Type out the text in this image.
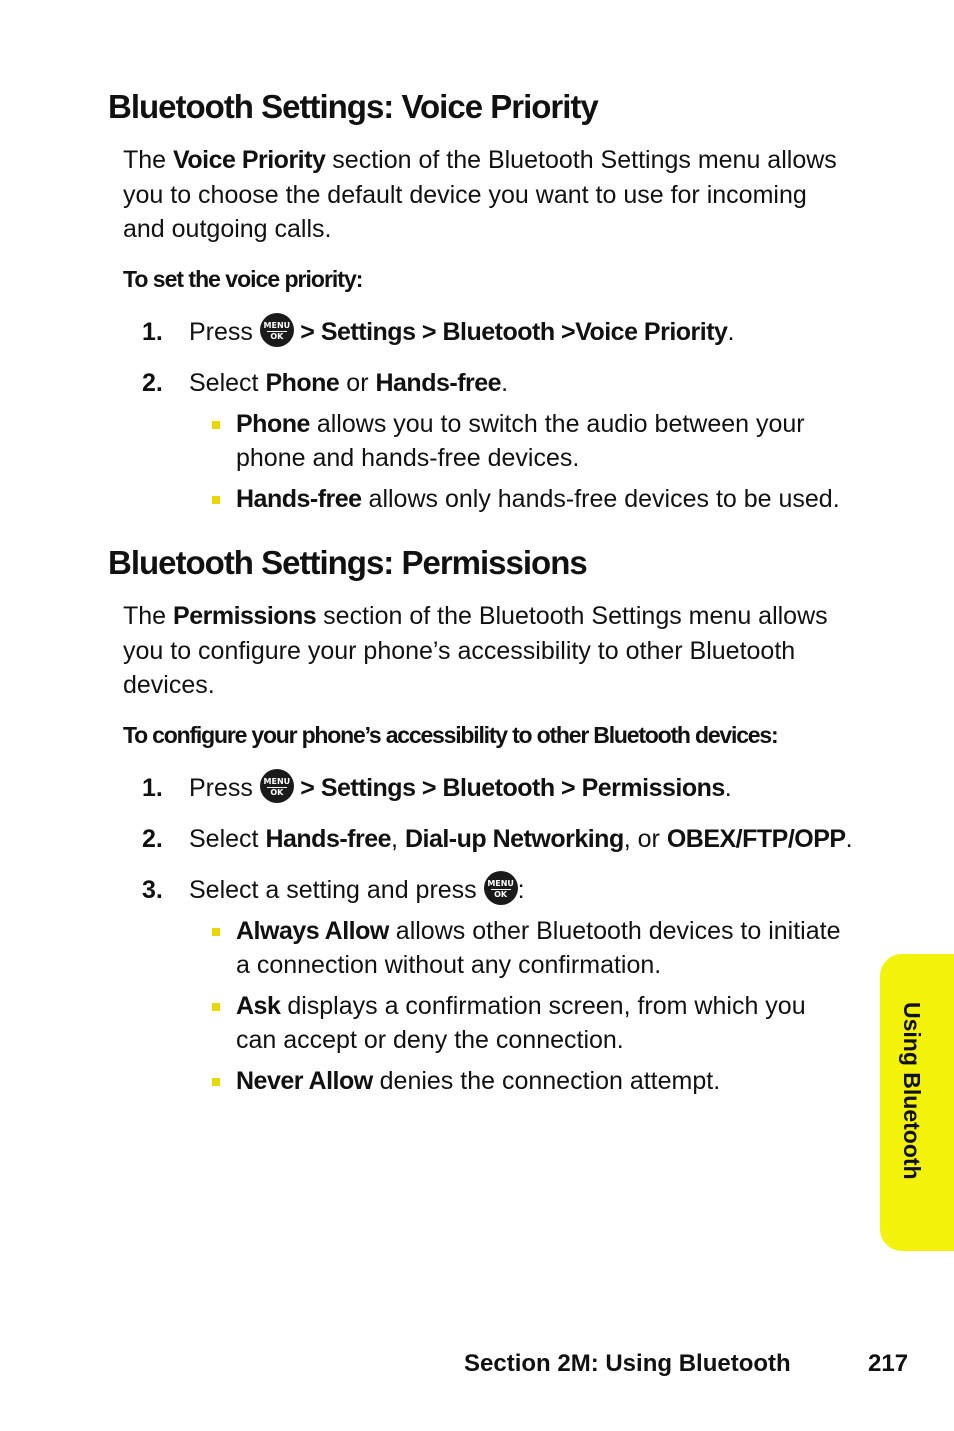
Bluetooth Settings: Voice Priority

The Voice Priority section of the Bluetooth Settings menu allows you to choose the default device you want to use for incoming and outgoing calls.

To set the voice priority:

1. Press MENU
OK > Settings > Bluetooth >Voice Priority.

2. Select Phone or Hands-free.

Phone allows you to switch the audio between your phone and hands-free devices.

Hands-free allows only hands-free devices to be used.

Bluetooth Settings: Permissions

The Permissions section of the Bluetooth Settings menu allows you to configure your phone’s accessibility to other Bluetooth devices.

To configure your phone’s accessibility to other Bluetooth devices:

1. Press MENU
OK > Settings > Bluetooth > Permissions.

2. Select Hands-free, Dial-up Networking, or OBEX/FTP/OPP.

3. Select a setting and press MENU
OK :

Always Allow allows other Bluetooth devices to initiate a connection without any confirmation.

Ask displays a confirmation screen, from which you can accept or deny the connection.

Never Allow denies the connection attempt.	Using Bluetooth

Section 2M: Using Bluetooth	217
